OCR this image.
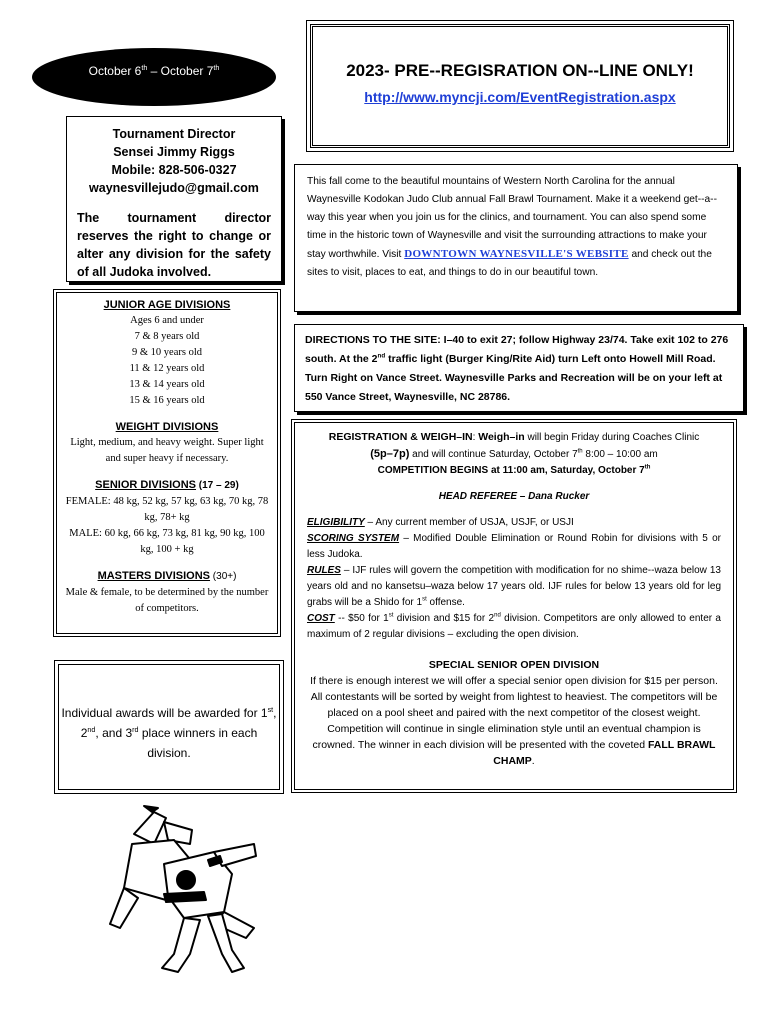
October 6th – October 7th	2023- PRE--REGISRATION ON--LINE ONLY!
http://www.myncji.com/EventRegistration.aspx
Tournament Director
Sensei Jimmy Riggs
Mobile: 828-506-0327
waynesvillejudo@gmail.com
The tournament director reserves the right to change or alter any division for the safety of all Judoka involved.
JUNIOR AGE DIVISIONS
Ages 6 and under
7 & 8 years old
9 & 10 years old
11 & 12 years old
13 & 14 years old
15 & 16 years old
WEIGHT DIVISIONS
Light, medium, and heavy weight. Super light and super heavy if necessary.
SENIOR DIVISIONS (17 – 29)
FEMALE: 48 kg, 52 kg, 57 kg, 63 kg, 70 kg, 78 kg, 78+ kg
MALE: 60 kg, 66 kg, 73 kg, 81 kg, 90 kg, 100 kg, 100 + kg
MASTERS DIVISIONS (30+)
Male & female, to be determined by the number of competitors.
Individual awards will be awarded for 1st, 2nd, and 3rd place winners in each division.
This fall come to the beautiful mountains of Western North Carolina for the annual Waynesville Kodokan Judo Club annual Fall Brawl Tournament. Make it a weekend get--a--way this year when you join us for the clinics, and tournament. You can also spend some time in the historic town of Waynesville and visit the surrounding attractions to make your stay worthwhile. Visit DOWNTOWN WAYNESVILLE'S WEBSITE and check out the sites to visit, places to eat, and things to do in our beautiful town.
DIRECTIONS TO THE SITE: I–40 to exit 27; follow Highway 23/74. Take exit 102 to 276 south. At the 2nd traffic light (Burger King/Rite Aid) turn Left onto Howell Mill Road. Turn Right on Vance Street. Waynesville Parks and Recreation will be on your left at 550 Vance Street, Waynesville, NC 28786.
REGISTRATION & WEIGH–IN: Weigh–in will begin Friday during Coaches Clinic
(5p–7p) and will continue Saturday, October 7th 8:00 – 10:00 am
COMPETITION BEGINS at 11:00 am, Saturday, October 7th
HEAD REFEREE – Dana Rucker
ELIGIBILITY – Any current member of USJA, USJF, or USJI
SCORING SYSTEM – Modified Double Elimination or Round Robin for divisions with 5 or less Judoka.
RULES – IJF rules will govern the competition with modification for no shime--waza below 13 years old and no kansetsu–waza below 17 years old. IJF rules for below 13 years old for leg grabs will be a Shido for 1st offense.
COST -- $50 for 1st division and $15 for 2nd division. Competitors are only allowed to enter a maximum of 2 regular divisions – excluding the open division.
SPECIAL SENIOR OPEN DIVISION
If there is enough interest we will offer a special senior open division for $15 per person. All contestants will be sorted by weight from lightest to heaviest. The competitors will be placed on a pool sheet and paired with the next competitor of the closest weight. Competition will continue in single elimination style until an eventual champion is crowned. The winner in each division will be presented with the coveted FALL BRAWL CHAMP.
